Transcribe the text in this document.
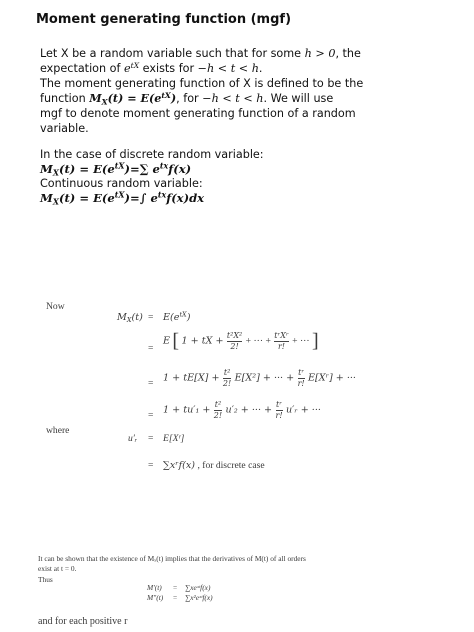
Moment generating function (mgf)
Let X be a random variable such that for some h > 0, the
expectation of $e^{tX}$ exists for −h < t < h.
The moment generating function of X is defined to be the
function $M_X(t) = E(e^{tX})$, for −h < t < h. We will use
mgf to denote moment generating function of a random
variable.
In the case of discrete random variable:
$M_X(t) = E(e^{tX})=\sum$ $e^{tx}f(x)$
Continuous random variable:
$M_X(t) = E(e^{tX})=\int$ $e^{tx}f(x)dx$
Now
$M_X(t) = E(e^{tX})$
=
E [ 1 + tX + $\frac{\text{t²X²}}{2!}$ + ··· + $\frac{\text{tʳXʳ}}{r!}$ + ··· ]
= $1 + tE[X] + \frac{\text{t²}}{2!} E[X^2]$ + ··· + $\frac{\text{tʳ}}{r!}$ E[Xʳ] + ···
= $1 + tu'_1 + \frac{\text{t²}}{2!} u'_2$ + ··· + $\frac{\text{tʳ}}{r!}$ u′ᵣ + ···
where
u′ᵣ = E[Xʳ]
= ∑xʳf(x) , for discrete case
It can be shown that the existence of Mₓ(t) implies that the derivatives of M(t) of all orders
exist at t = 0.
Thus
M′(t) = ∑xeˣᵗf(x)
M″(t) = ∑x²eˣᵗf(x)
and for each positive r
